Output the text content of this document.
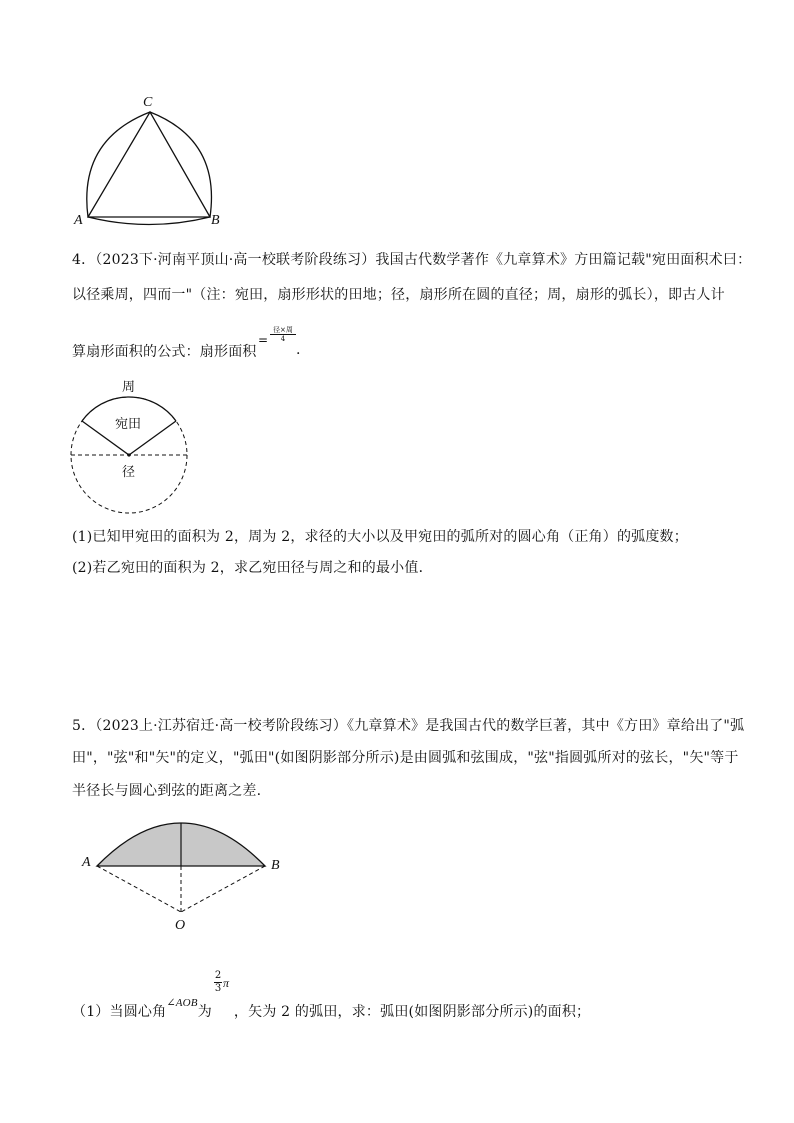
C
A	B
4．（2023下·河南平顶山·高一校联考阶段练习）我国古代数学著作《九章算术》方田篇记载"宛田面积术曰：
以径乘周，四而一"（注：宛田，扇形形状的田地；径，扇形所在圆的直径；周，扇形的弧长），即古人计
算扇形面积的公式：扇形面积
=
径×周
4
.
周
宛田
径
(1)已知甲宛田的面积为 2，周为 2，求径的大小以及甲宛田的弧所对的圆心角（正角）的弧度数；
(2)若乙宛田的面积为 2，求乙宛田径与周之和的最小值．
5．（2023上·江苏宿迁·高一校考阶段练习）《九章算术》是我国古代的数学巨著，其中《方田》章给出了"弧
田"，"弦"和"矢"的定义，"弧田"(如图阴影部分所示)是由圆弧和弦围成，"弦"指圆弧所对的弦长，"矢"等于
半径长与圆心到弦的距离之差.
A	B
O
（1）当圆心角$^{\angle AOB}$为 ，矢为 2 的弧田，求：弧田(如图阴影部分所示)的面积；
$\frac{2}{3}$ π
